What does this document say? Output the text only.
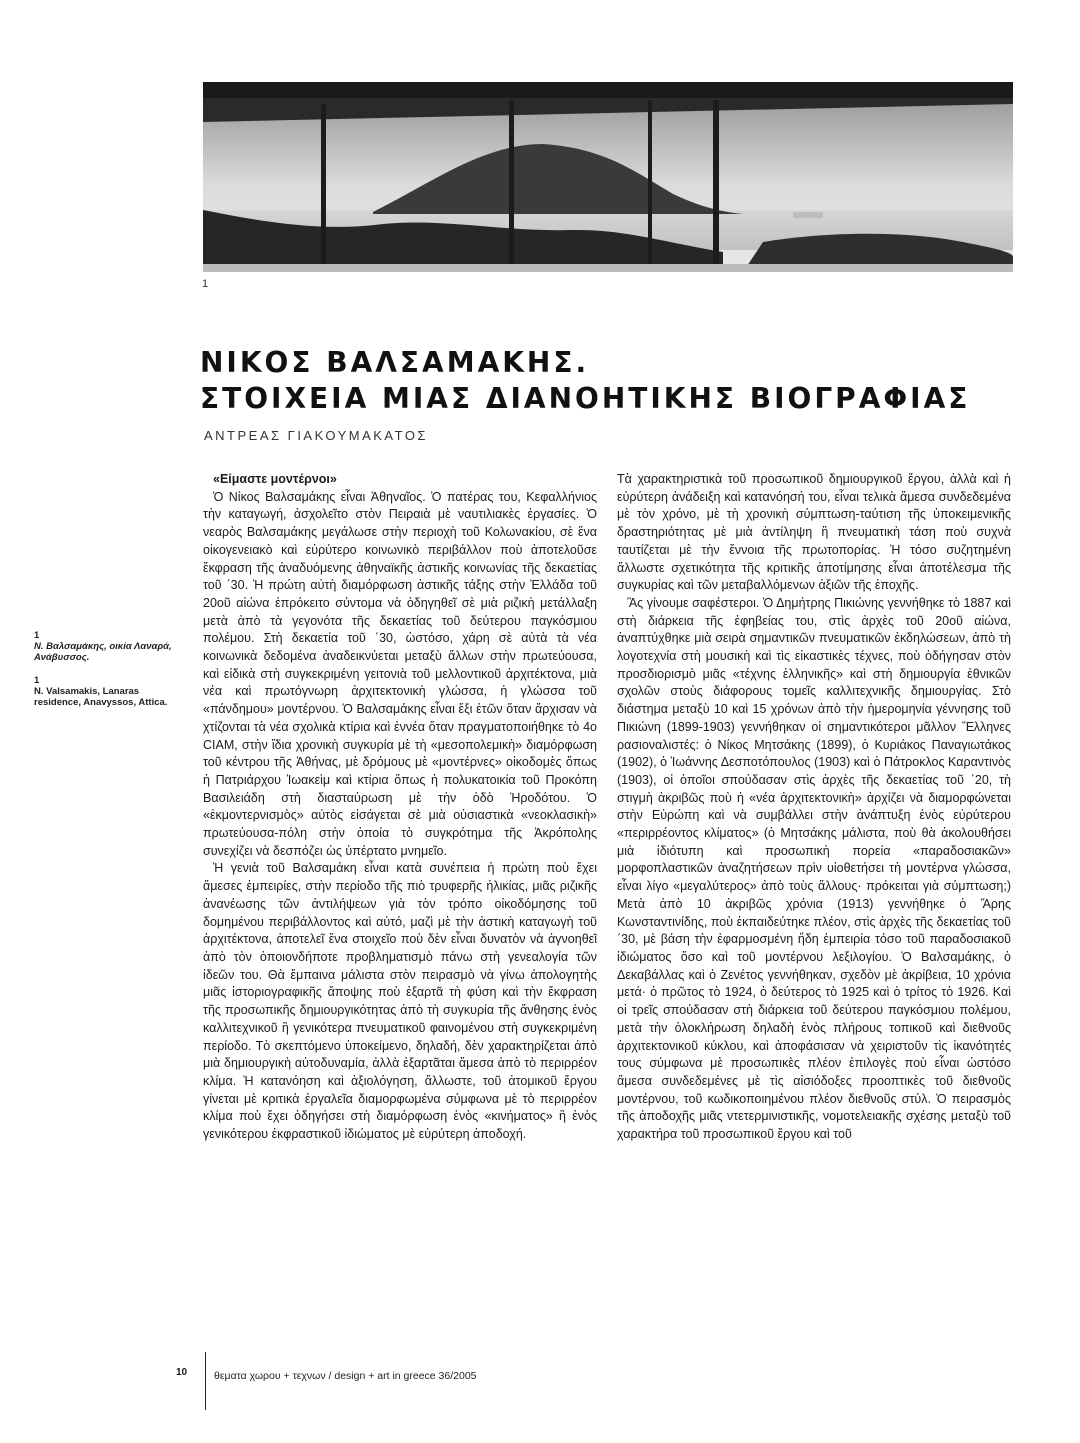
1
ΝΙΚΟΣ ΒΑΛΣΑΜΑΚΗΣ.
ΣΤΟΙΧΕΙΑ ΜΙΑΣ ΔΙΑΝΟΗΤΙΚΗΣ ΒΙΟΓΡΑΦΙΑΣ
ΑΝΤΡΕΑΣ ΓΙΑΚΟΥΜΑΚΑΤΟΣ
1
Ν. Βαλσαμάκης, οικία Λαναρά, Ανάβυσσος.
1
N. Valsamakis, Lanaras residence, Anavyssos, Attica.

«Είμαστε μοντέρνοι»

Ὁ Νίκος Βαλσαμάκης εἶναι Ἀθηναῖος. Ὁ πατέρας του, Κεφαλλήνιος τὴν καταγωγή, ἀσχολεῖτο στὸν Πειραιὰ μὲ ναυτιλιακὲς ἐργασίες. Ὁ νεαρὸς Βαλσαμάκης μεγάλωσε στὴν περιοχὴ τοῦ Κολωνακίου, σὲ ἕνα οἰκογενειακὸ καὶ εὐρύτερο κοινωνικὸ περιβάλλον ποὺ ἀποτελοῦσε ἔκφραση τῆς ἀναδυόμενης ἀθηναϊκῆς ἀστικῆς κοινωνίας τῆς δεκαετίας τοῦ ΄30. Ἡ πρώτη αὐτὴ διαμόρφωση ἀστικῆς τάξης στὴν Ἑλλάδα τοῦ 20οῦ αἰώνα ἐπρόκειτο σύντομα νὰ ὁδηγηθεῖ σὲ μιὰ ριζικὴ μετάλλαξη μετὰ ἀπὸ τὰ γεγονότα τῆς δεκαετίας τοῦ δεύτερου παγκόσμιου πολέμου. Στὴ δεκαετία τοῦ ΄30, ὡστόσο, χάρη σὲ αὐτὰ τὰ νέα κοινωνικὰ δεδομένα ἀναδεικνύεται μεταξὺ ἄλλων στὴν πρωτεύουσα, καὶ εἰδικὰ στὴ συγκεκριμένη γειτονιὰ τοῦ μελλοντικοῦ ἀρχιτέκτονα, μιὰ νέα καὶ πρωτόγνωρη ἀρχιτεκτονικὴ γλώσσα, ἡ γλώσσα τοῦ «πάνδημου» μοντέρνου. Ὁ Βαλσαμάκης εἶναι ἕξι ἐτῶν ὅταν ἄρχισαν νὰ χτίζονται τὰ νέα σχολικὰ κτίρια καὶ ἐννέα ὅταν πραγματοποιήθηκε τὸ 4ο CIAM, στὴν ἴδια χρονικὴ συγκυρία μὲ τὴ «μεσοπολεμικὴ» διαμόρφωση τοῦ κέντρου τῆς Ἀθήνας, μὲ δρόμους μὲ «μοντέρνες» οἰκοδομὲς ὅπως ἡ Πατριάρχου Ἰωακεὶμ καὶ κτίρια ὅπως ἡ πολυκατοικία τοῦ Προκόπη Βασιλειάδη στὴ διασταύρωση μὲ τὴν ὁδὸ Ἡροδότου. Ὁ «ἐκμοντερνισμὸς» αὐτὸς εἰσάγεται σὲ μιὰ οὐσιαστικὰ «νεοκλασικὴ» πρωτεύουσα-πόλη στὴν ὁποία τὸ συγκρότημα τῆς Ἀκρόπολης συνεχίζει νὰ δεσπόζει ὡς ὑπέρτατο μνημεῖο.

Ἡ γενιὰ τοῦ Βαλσαμάκη εἶναι κατὰ συνέπεια ἡ πρώτη ποὺ ἔχει ἄμεσες ἐμπειρίες, στὴν περίοδο τῆς πιὸ τρυφερῆς ἡλικίας, μιᾶς ριζικῆς ἀνανέωσης τῶν ἀντιλήψεων γιὰ τὸν τρόπο οἰκοδόμησης τοῦ δομημένου περιβάλλοντος καὶ αὐτό, μαζὶ μὲ τὴν ἀστικὴ καταγωγὴ τοῦ ἀρχιτέκτονα, ἀποτελεῖ ἕνα στοιχεῖο ποὺ δὲν εἶναι δυνατὸν νὰ ἀγνοηθεῖ ἀπὸ τὸν ὁποιονδήποτε προβληματισμὸ πάνω στὴ γενεαλογία τῶν ἰδεῶν του. Θὰ ἔμπαινα μάλιστα στὸν πειρασμὸ νὰ γίνω ἀπολογητὴς μιᾶς ἱστοριογραφικῆς ἄποψης ποὺ ἐξαρτᾶ τὴ φύση καὶ τὴν ἔκφραση τῆς προσωπικῆς δημιουργικότητας ἀπὸ τὴ συγκυρία τῆς ἄνθησης ἑνὸς καλλιτεχνικοῦ ἢ γενικότερα πνευματικοῦ φαινομένου στὴ συγκεκριμένη περίοδο. Τὸ σκεπτόμενο ὑποκείμενο, δηλαδή, δὲν χαρακτηρίζεται ἀπὸ μιὰ δημιουργικὴ αὐτοδυναμία, ἀλλὰ ἐξαρτᾶται ἄμεσα ἀπὸ τὸ περιρρέον κλίμα. Ἡ κατανόηση καὶ ἀξιολόγηση, ἄλλωστε, τοῦ ἀτομικοῦ ἔργου γίνεται μὲ κριτικὰ ἐργαλεῖα διαμορφωμένα σύμφωνα μὲ τὸ περιρρέον κλίμα ποὺ ἔχει ὁδηγήσει στὴ διαμόρφωση ἑνὸς «κινήματος» ἢ ἑνὸς γενικότερου ἐκφραστικοῦ ἰδιώματος μὲ εὐρύτερη ἀποδοχή.

Τὰ χαρακτηριστικὰ τοῦ προσωπικοῦ δημιουργικοῦ ἔργου, ἀλλὰ καὶ ἡ εὐρύτερη ἀνάδειξη καὶ κατανόησή του, εἶναι τελικὰ ἄμεσα συνδεδεμένα μὲ τὸν χρόνο, μὲ τὴ χρονικὴ σύμπτωση-ταύτιση τῆς ὑποκειμενικῆς δραστηριότητας μὲ μιὰ ἀντίληψη ἢ πνευματικὴ τάση ποὺ συχνὰ ταυτίζεται μὲ τὴν ἔννοια τῆς πρωτοπορίας. Ἡ τόσο συζητημένη ἄλλωστε σχετικότητα τῆς κριτικῆς ἀποτίμησης εἶναι ἀποτέλεσμα τῆς συγκυρίας καὶ τῶν μεταβαλλόμενων ἀξιῶν τῆς ἐποχῆς.

Ἂς γίνουμε σαφέστεροι. Ὁ Δημήτρης Πικιώνης γεννήθηκε τὸ 1887 καὶ στὴ διάρκεια τῆς ἐφηβείας του, στὶς ἀρχὲς τοῦ 20οῦ αἰώνα, ἀναπτύχθηκε μιὰ σειρὰ σημαντικῶν πνευματικῶν ἐκδηλώσεων, ἀπὸ τὴ λογοτεχνία στὴ μουσικὴ καὶ τὶς εἰκαστικὲς τέχνες, ποὺ ὁδήγησαν στὸν προσδιορισμὸ μιᾶς «τέχνης ἑλληνικῆς» καὶ στὴ δημιουργία ἐθνικῶν σχολῶν στοὺς διάφορους τομεῖς καλλιτεχνικῆς δημιουργίας. Στὸ διάστημα μεταξὺ 10 καὶ 15 χρόνων ἀπὸ τὴν ἡμερομηνία γέννησης τοῦ Πικιώνη (1899-1903) γεννήθηκαν οἱ σημαντικότεροι μᾶλλον Ἕλληνες ρασιοναλιστές: ὁ Νίκος Μητσάκης (1899), ὁ Κυριάκος Παναγιωτάκος (1902), ὁ Ἰωάννης Δεσποτόπουλος (1903) καὶ ὁ Πάτροκλος Καραντινὸς (1903), οἱ ὁποῖοι σπούδασαν στὶς ἀρχὲς τῆς δεκαετίας τοῦ ΄20, τὴ στιγμὴ ἀκριβῶς ποὺ ἡ «νέα ἀρχιτεκτονικὴ» ἀρχίζει νὰ διαμορφώνεται στὴν Εὐρώπη καὶ νὰ συμβάλλει στὴν ἀνάπτυξη ἑνὸς εὐρύτερου «περιρρέοντος κλίματος» (ὁ Μητσάκης μάλιστα, ποὺ θὰ ἀκολουθήσει μιὰ ἰδιότυπη καὶ προσωπικὴ πορεία «παραδοσιακῶν» μορφοπλαστικῶν ἀναζητήσεων πρὶν υἱοθετήσει τὴ μοντέρνα γλώσσα, εἶναι λίγο «μεγαλύτερος» ἀπὸ τοὺς ἄλλους· πρόκειται γιὰ σύμπτωση;) Μετὰ ἀπὸ 10 ἀκριβῶς χρόνια (1913) γεννήθηκε ὁ Ἄρης Κωνσταντινίδης, ποὺ ἐκπαιδεύτηκε πλέον, στὶς ἀρχὲς τῆς δεκαετίας τοῦ ΄30, μὲ βάση τὴν ἐφαρμοσμένη ἤδη ἐμπειρία τόσο τοῦ παραδοσιακοῦ ἰδιώματος ὅσο καὶ τοῦ μοντέρνου λεξιλογίου. Ὁ Βαλσαμάκης, ὁ Δεκαβάλλας καὶ ὁ Ζενέτος γεννήθηκαν, σχεδὸν μὲ ἀκρίβεια, 10 χρόνια μετά· ὁ πρῶτος τὸ 1924, ὁ δεύτερος τὸ 1925 καὶ ὁ τρίτος τὸ 1926. Καὶ οἱ τρεῖς σπούδασαν στὴ διάρκεια τοῦ δεύτερου παγκόσμιου πολέμου, μετὰ τὴν ὁλοκλήρωση δηλαδὴ ἑνὸς πλήρους τοπικοῦ καὶ διεθνοῦς ἀρχιτεκτονικοῦ κύκλου, καὶ ἀποφάσισαν νὰ χειριστοῦν τὶς ἱκανότητές τους σύμφωνα μὲ προσωπικὲς πλέον ἐπιλογὲς ποὺ εἶναι ὡστόσο ἄμεσα συνδεδεμένες μὲ τὶς αἰσιόδοξες προοπτικὲς τοῦ διεθνοῦς μοντέρνου, τοῦ κωδικοποιημένου πλέον διεθνοῦς στύλ. Ὁ πειρασμὸς τῆς ἀποδοχῆς μιᾶς ντετερμινιστικῆς, νομοτελειακῆς σχέσης μεταξὺ τοῦ χαρακτήρα τοῦ προσωπικοῦ ἔργου καὶ τοῦ

10	θεματα χωρου + τεχνων / design + art in greece 36/2005
